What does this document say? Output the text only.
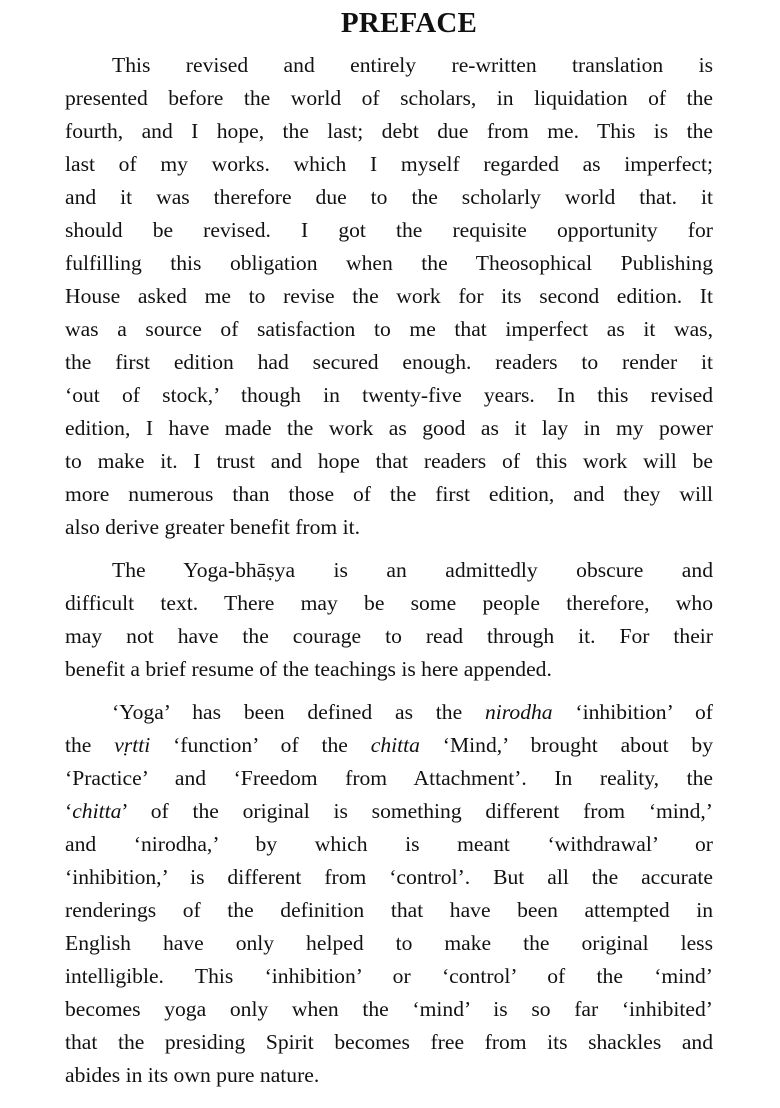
PREFACE
This revised and entirely re-written translation is
presented before the world of scholars, in liquidation of the
fourth, and I hope, the last; debt due from me. This is the
last of my works. which I myself regarded as imperfect;
and it was therefore due to the scholarly world that. it
should be revised. I got the requisite opportunity for
fulfilling this obligation when the Theosophical Publishing
House asked me to revise the work for its second edition. It
was a source of satisfaction to me that imperfect as it was,
the first edition had secured enough. readers to render it
‘out of stock,’ though in twenty-five years. In this revised
edition, I have made the work as good as it lay in my power
to make it. I trust and hope that readers of this work will be
more numerous than those of the first edition, and they will
also derive greater benefit from it.
The Yoga-bhāṣya is an admittedly obscure and
difficult text. There may be some people therefore, who
may not have the courage to read through it. For their
benefit a brief resume of the teachings is here appended.
‘Yoga’ has been defined as the nirodha ‘inhibition’ of
the vṛtti ‘function’ of the chitta ‘Mind,’ brought about by
‘Practice’ and ‘Freedom from Attachment’. In reality, the
‘chitta’ of the original is something different from ‘mind,’
and ‘nirodha,’ by which is meant ‘withdrawal’ or
‘inhibition,’ is different from ‘control’. But all the accurate
renderings of the definition that have been attempted in
English have only helped to make the original less
intelligible. This ‘inhibition’ or ‘control’ of the ‘mind’
becomes yoga only when the ‘mind’ is so far ‘inhibited’
that the presiding Spirit becomes free from its shackles and
abides in its own pure nature.
